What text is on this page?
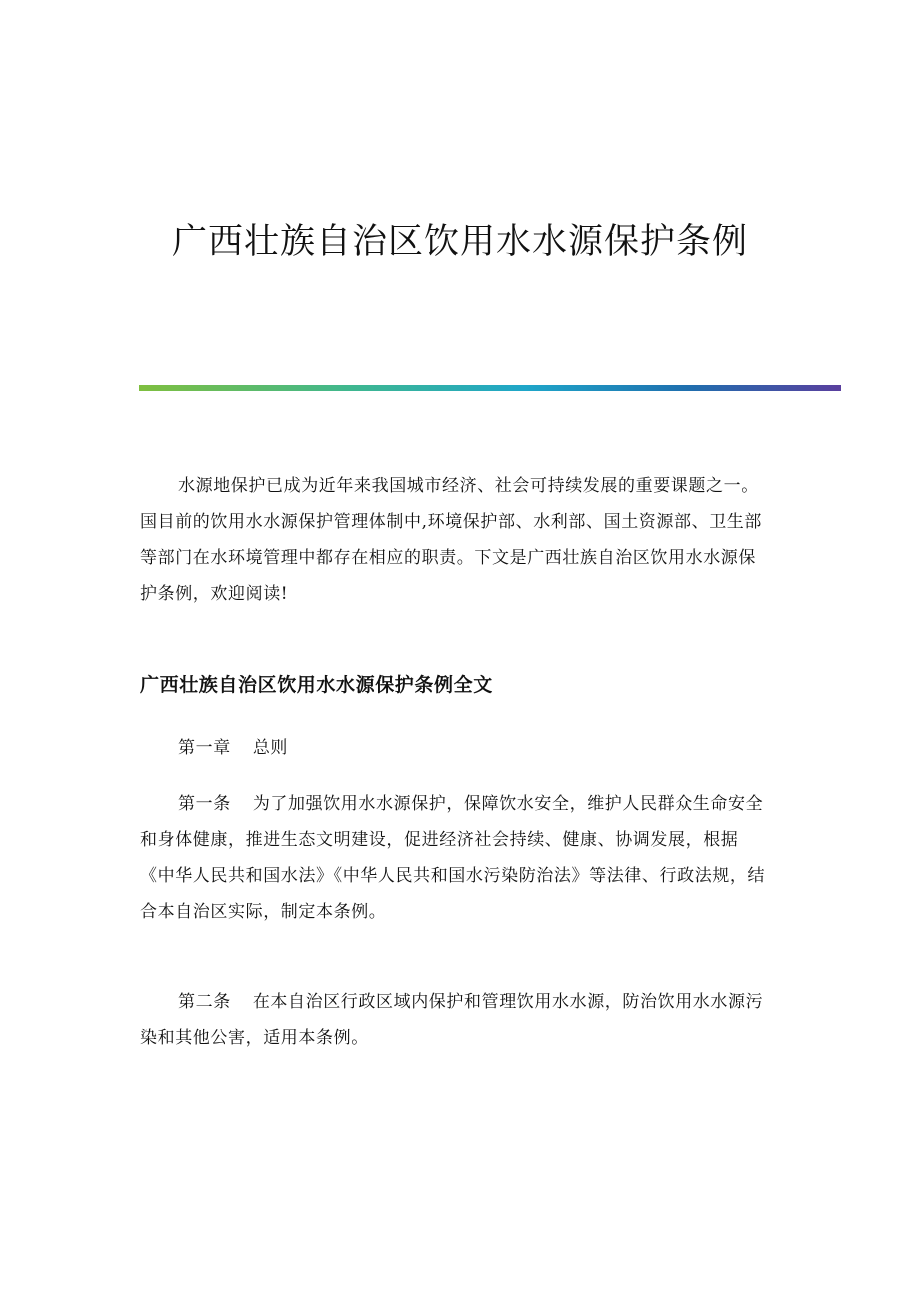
广西壮族自治区饮用水水源保护条例

水源地保护已成为近年来我国城市经济、社会可持续发展的重要课题之一。国目前的饮用水水源保护管理体制中,环境保护部、水利部、国土资源部、卫生部等部门在水环境管理中都存在相应的职责。下文是广西壮族自治区饮用水水源保护条例，欢迎阅读!

广西壮族自治区饮用水水源保护条例全文

第一章 总则

第一条 为了加强饮用水水源保护，保障饮水安全，维护人民群众生命安全和身体健康，推进生态文明建设，促进经济社会持续、健康、协调发展，根据《中华人民共和国水法》《中华人民共和国水污染防治法》等法律、行政法规，结合本自治区实际，制定本条例。

第二条 在本自治区行政区域内保护和管理饮用水水源，防治饮用水水源污染和其他公害，适用本条例。
